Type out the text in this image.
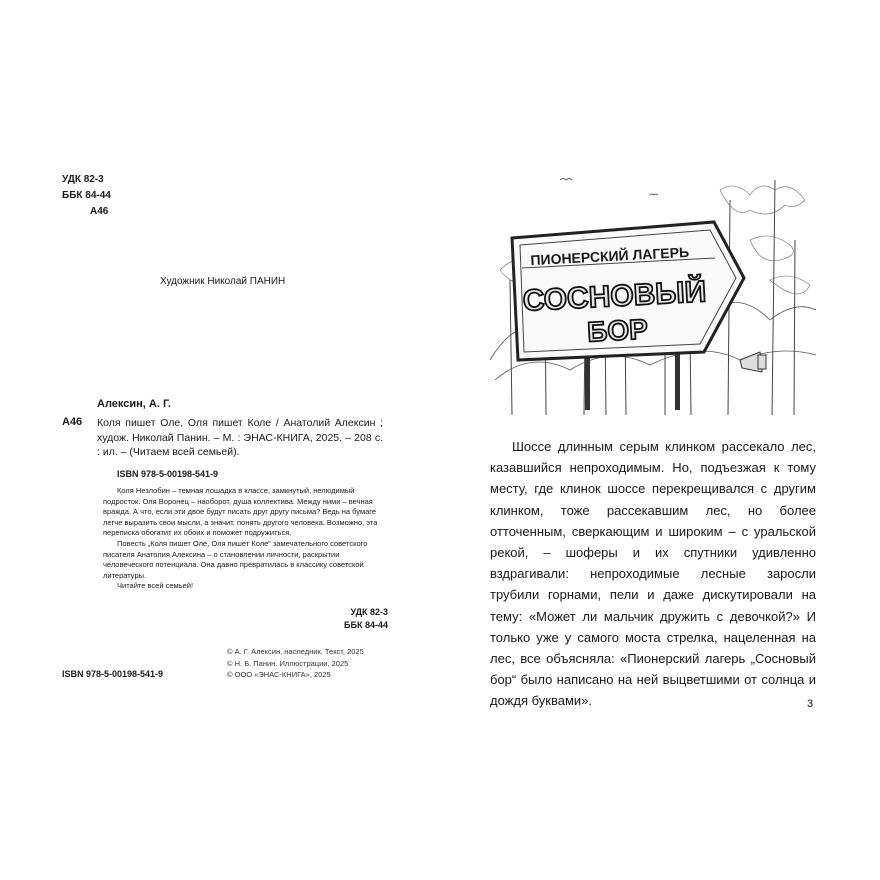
УДК 82-3
ББК 84-44
А46
Художник Николай ПАНИН
Алексин, А. Г.
А46 Коля пишет Оле, Оля пишет Коле / Анатолий Алексин ; худож. Николай Панин. – М. : ЭНАС-КНИГА, 2025. – 208 с. : ил. – (Читаем всей семьей).
ISBN 978-5-00198-541-9

Коля Незлобин – темная лошадка в классе, замкнутый, нелюдимый подросток. Оля Воронец – наоборот, душа коллектива. Между ними – вечная вражда. А что, если эти двое будут писать друг другу письма? Ведь на бумаге легче выразить свои мысли, а значит, понять другого человека. Возможно, эта переписка обогатит их обоих и поможет подружиться.

Повесть „Коля пишет Оле, Оля пишет Коле“ замечательного советского писателя Анатолия Алексина – о становлении личности, раскрытии человеческого потенциала. Она давно превратилась в классику советской литературы.

Читайте всей семьей!

УДК 82-3
ББК 84-44
© А. Г. Алексин, наследник. Текст, 2025
© Н. Б. Панин. Иллюстрации, 2025
© ООО «ЭНАС-КНИГА», 2025
ISBN 978-5-00198-541-9
ПИОНЕРСКИЙ ЛАГЕРЬ
СОСНОВЫЙ
БОР

Шоссе длинным серым клинком рассекало лес, казавшийся непроходимым. Но, подъезжая к тому месту, где клинок шоссе перекрещивался с другим клинком, тоже рассекавшим лес, но более отточенным, сверкающим и широким – с уральской рекой, – шоферы и их спутники удивленно вздрагивали: непроходимые лесные заросли трубили горнами, пели и даже дискутировали на тему: «Может ли мальчик дружить с девочкой?» И только уже у самого моста стрелка, нацеленная на лес, все объясняла: «Пионерский лагерь „Сосновый бор“ было написано на ней выцветшими от солнца и дождя буквами».	3
